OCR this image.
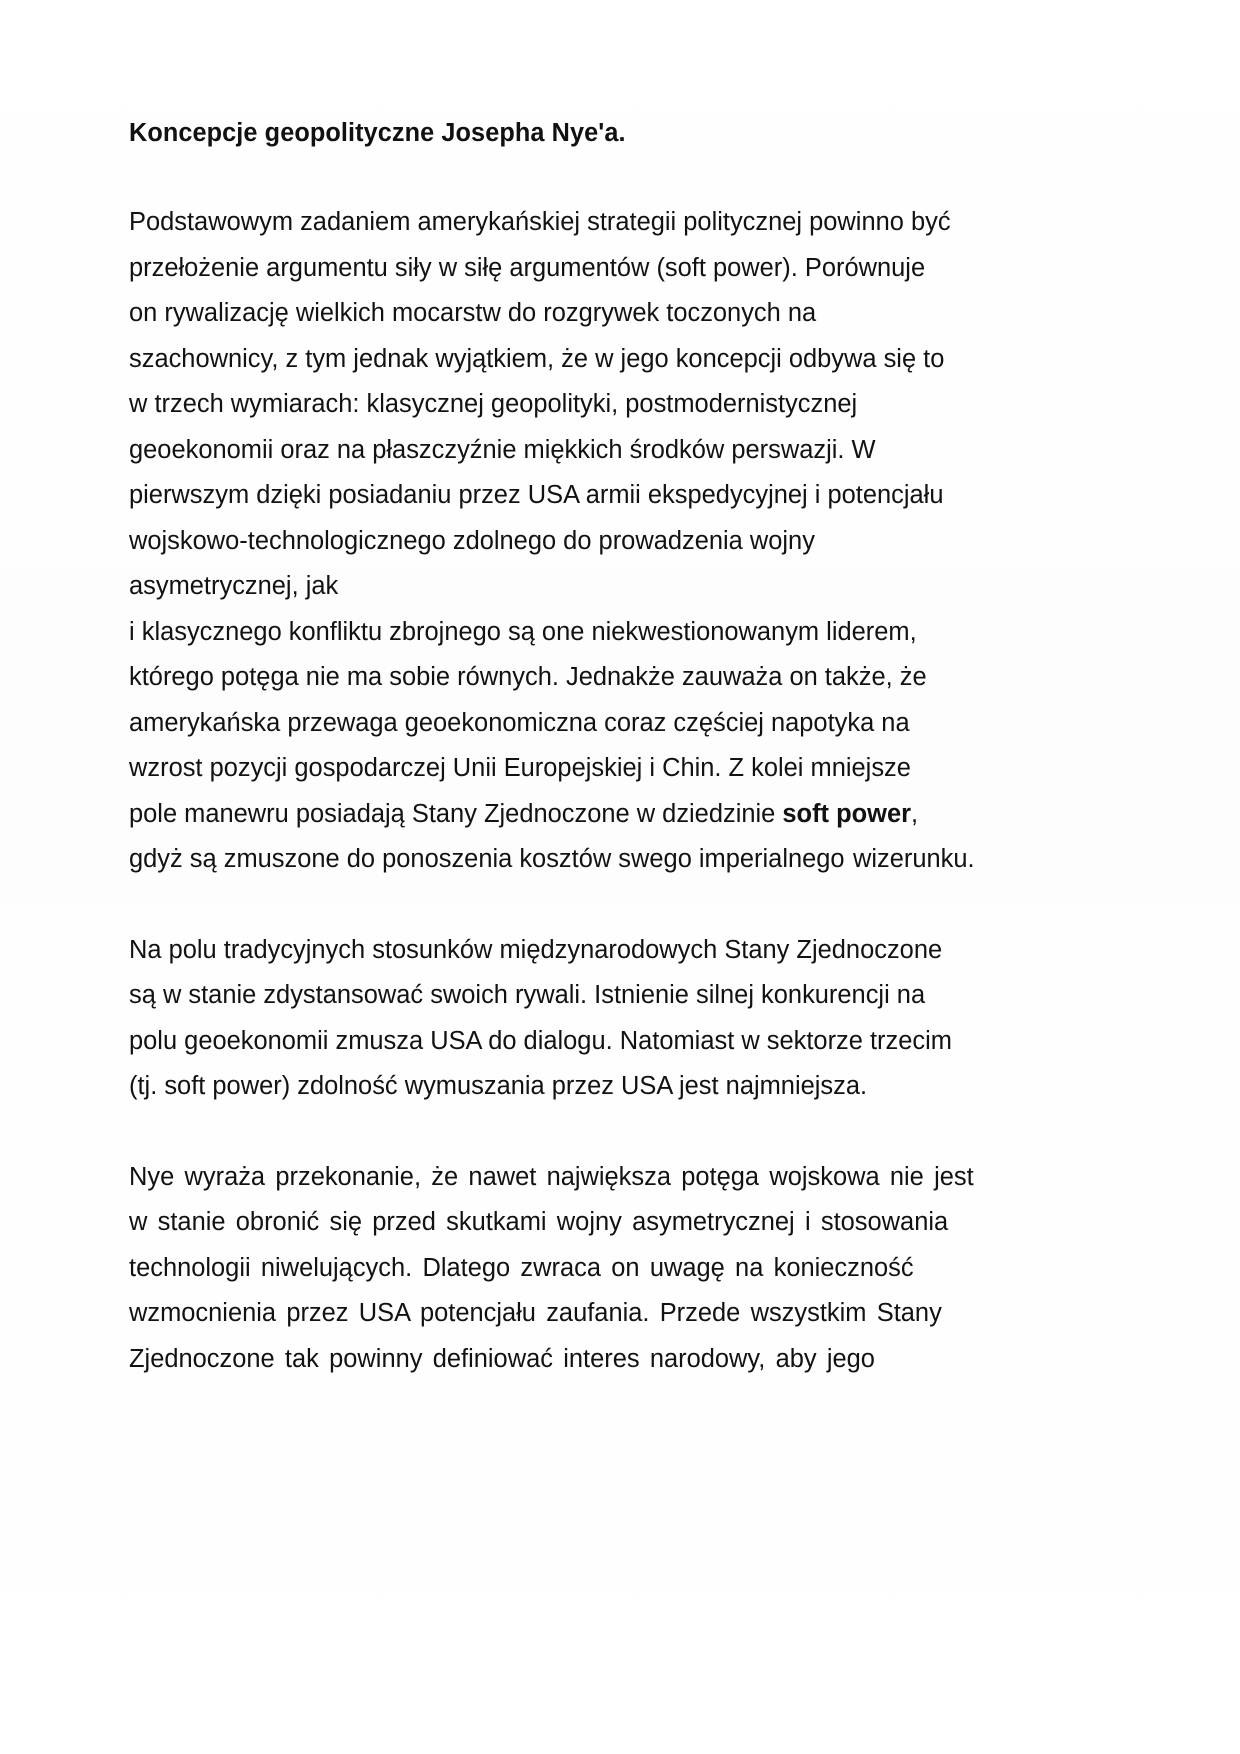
Koncepcje geopolityczne Josepha Nye'a.

Podstawowym zadaniem amerykańskiej strategii politycznej powinno być przełożenie argumentu siły w siłę argumentów (soft power). Porównuje on rywalizację wielkich mocarstw do rozgrywek toczonych na szachownicy, z tym jednak wyjątkiem, że w jego koncepcji odbywa się to w trzech wymiarach: klasycznej geopolityki, postmodernistycznej geoekonomii oraz na płaszczyźnie miękkich środków perswazji. W pierwszym dzięki posiadaniu przez USA armii ekspedycyjnej i potencjału wojskowo-technologicznego zdolnego do prowadzenia wojny asymetrycznej, jak i klasycznego konfliktu zbrojnego są one niekwestionowanym liderem, którego potęga nie ma sobie równych. Jednakże zauważa on także, że amerykańska przewaga geoekonomiczna coraz częściej napotyka na wzrost pozycji gospodarczej Unii Europejskiej i Chin. Z kolei mniejsze pole manewru posiadają Stany Zjednoczone w dziedzinie soft power, gdyż są zmuszone do ponoszenia kosztów swego imperialnego wizerunku.

Na polu tradycyjnych stosunków międzynarodowych Stany Zjednoczone są w stanie zdystansować swoich rywali. Istnienie silnej konkurencji na polu geoekonomii zmusza USA do dialogu. Natomiast w sektorze trzecim (tj. soft power) zdolność wymuszania przez USA jest najmniejsza.

Nye wyraża przekonanie, że nawet największa potęga wojskowa nie jest w stanie obronić się przed skutkami wojny asymetrycznej i stosowania technologii niwelujących. Dlatego zwraca on uwagę na konieczność wzmocnienia przez USA potencjału zaufania. Przede wszystkim Stany Zjednoczone tak powinny definiować interes narodowy, aby jego
